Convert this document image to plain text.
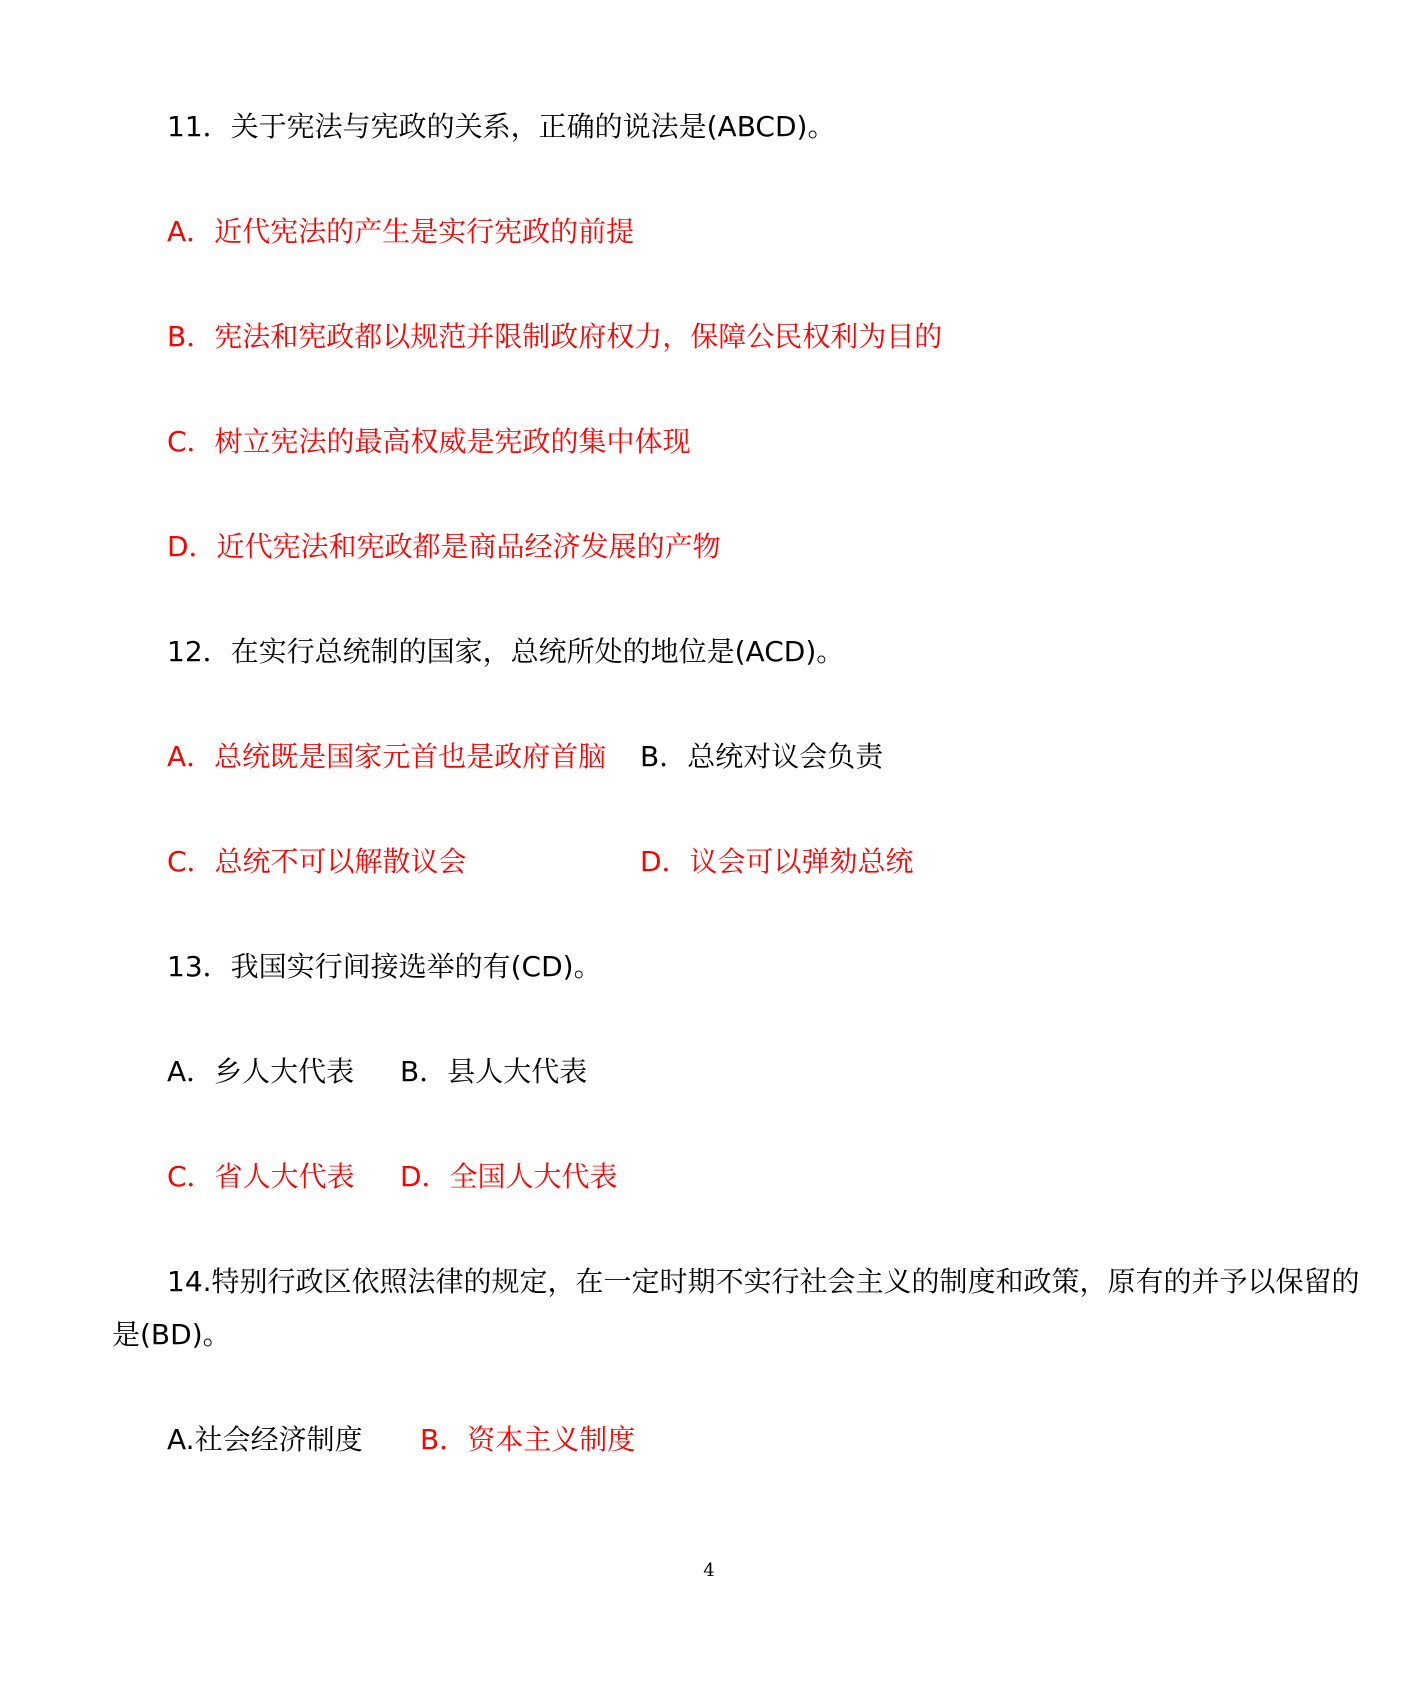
11．关于宪法与宪政的关系，正确的说法是(ABCD)。
A．近代宪法的产生是实行宪政的前提
B．宪法和宪政都以规范并限制政府权力，保障公民权利为目的
C．树立宪法的最高权威是宪政的集中体现
D．近代宪法和宪政都是商品经济发展的产物
12．在实行总统制的国家，总统所处的地位是(ACD)。
A．总统既是国家元首也是政府首脑 B．总统对议会负责
C．总统不可以解散议会	D．议会可以弹劾总统
13．我国实行间接选举的有(CD)。
A．乡人大代表 B．县人大代表
C．省人大代表 D．全国人大代表
14.特别行政区依照法律的规定，在一定时期不实行社会主义的制度和政策，原有的并予以保留的
是(BD)。
A.社会经济制度 B．资本主义制度
4
